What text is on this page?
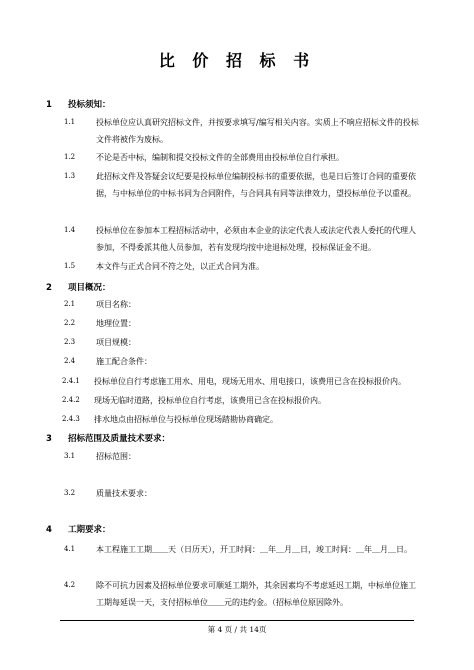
比 价 招 标 书
1 投标须知：
1.1	投标单位应认真研究招标文件，并按要求填写/编写相关内容。实质上不响应招标文件的投标文件将被作为废标。
1.2	不论是否中标，编制和提交投标文件的全部费用由投标单位自行承担。
1.3	此招标文件及答疑会议纪要是投标单位编制投标书的重要依据，也是日后签订合同的重要依据，与中标单位的中标书同为合同附件，与合同具有同等法律效力，望投标单位予以重视。
1.4	投标单位在参加本工程招标活动中，必须由本企业的法定代表人或法定代表人委托的代理人参加，不得委派其他人员参加，若有发现均按中途退标处理，投标保证金不退。
1.5	本文件与正式合同不符之处，以正式合同为准。
2 项目概况：
2.1	项目名称：
2.2	地理位置：
2.3	项目规模：
2.4	施工配合条件：
2.4.1 投标单位自行考虑施工用水、用电，现场无用水、用电接口，该费用已含在投标报价内。
2.4.2 现场无临时道路，投标单位自行考虑，该费用已含在投标报价内。
2.4.3 排水地点由招标单位与投标单位现场踏勘协商确定。
3 招标范围及质量技术要求：
3.1	招标范围：
3.2	质量技术要求：
4 工期要求：
4.1	本工程施工工期＿＿天（日历天），开工时间：＿年＿月＿日，竣工时间：＿年＿月＿日。
4.2	除不可抗力因素及招标单位要求可顺延工期外，其余因素均不考虑延迟工期，中标单位施工工期每延误一天，支付招标单位＿＿元的违约金。（招标单位原因除外。
第 4 页 / 共 14页
